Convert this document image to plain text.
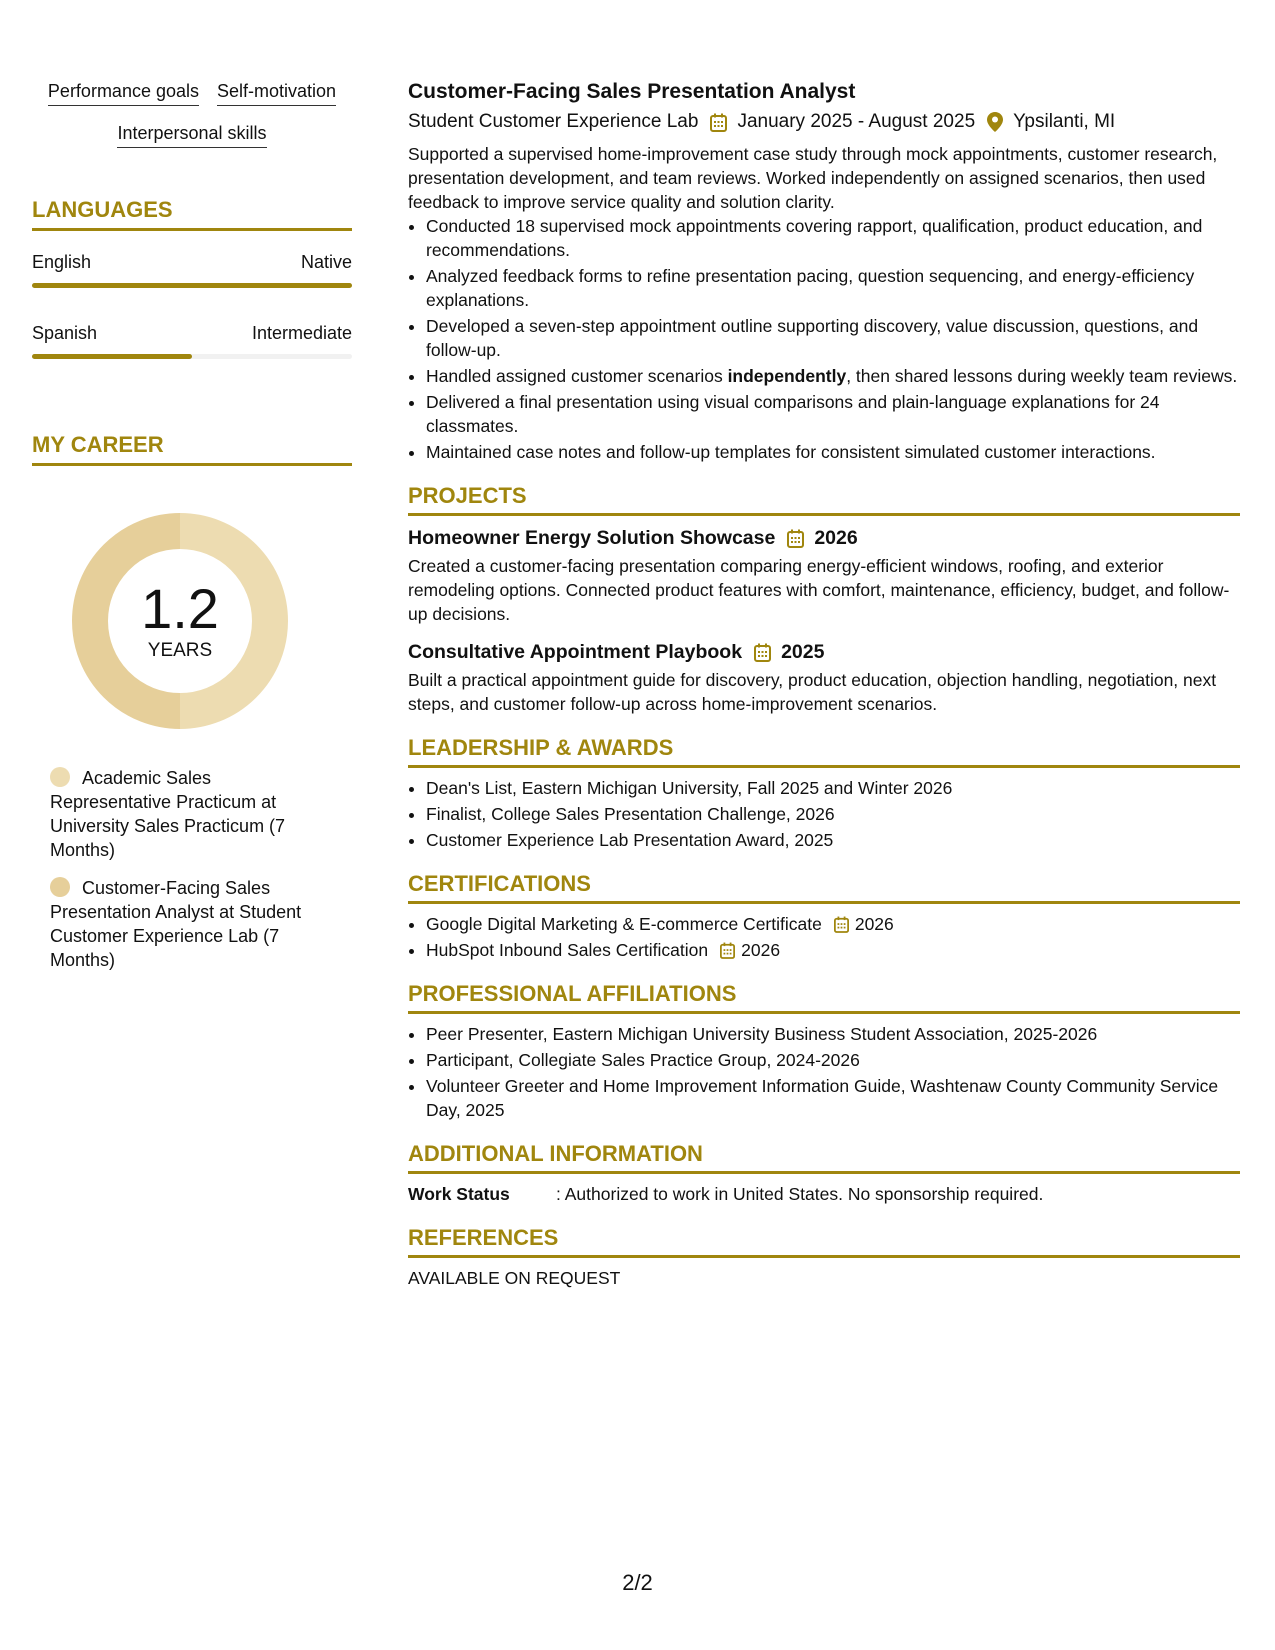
Performance goals Self-motivation
Interpersonal skills
LANGUAGES
English	Native
Spanish	Intermediate
MY CAREER
1.2
YEARS
Academic Sales Representative Practicum at University Sales Practicum (7 Months)
Customer-Facing Sales Presentation Analyst at Student Customer Experience Lab (7 Months)
Customer-Facing Sales Presentation Analyst
Student Customer Experience Lab January 2025 - August 2025 Ypsilanti, MI
Supported a supervised home-improvement case study through mock appointments, customer research, presentation development, and team reviews. Worked independently on assigned scenarios, then used feedback to improve service quality and solution clarity.
• Conducted 18 supervised mock appointments covering rapport, qualification, product education, and recommendations.
• Analyzed feedback forms to refine presentation pacing, question sequencing, and energy-efficiency explanations.
• Developed a seven-step appointment outline supporting discovery, value discussion, questions, and follow-up.
• Handled assigned customer scenarios independently, then shared lessons during weekly team reviews.
• Delivered a final presentation using visual comparisons and plain-language explanations for 24 classmates.
• Maintained case notes and follow-up templates for consistent simulated customer interactions.
PROJECTS
Homeowner Energy Solution Showcase 2026
Created a customer-facing presentation comparing energy-efficient windows, roofing, and exterior remodeling options. Connected product features with comfort, maintenance, efficiency, budget, and follow-up decisions.
Consultative Appointment Playbook 2025
Built a practical appointment guide for discovery, product education, objection handling, negotiation, next steps, and customer follow-up across home-improvement scenarios.
LEADERSHIP & AWARDS
• Dean's List, Eastern Michigan University, Fall 2025 and Winter 2026
• Finalist, College Sales Presentation Challenge, 2026
• Customer Experience Lab Presentation Award, 2025
CERTIFICATIONS
• Google Digital Marketing & E-commerce Certificate 2026
• HubSpot Inbound Sales Certification 2026
PROFESSIONAL AFFILIATIONS
• Peer Presenter, Eastern Michigan University Business Student Association, 2025-2026
• Participant, Collegiate Sales Practice Group, 2024-2026
• Volunteer Greeter and Home Improvement Information Guide, Washtenaw County Community Service Day, 2025
ADDITIONAL INFORMATION
Work Status	: Authorized to work in United States. No sponsorship required.
REFERENCES
AVAILABLE ON REQUEST
2/2
